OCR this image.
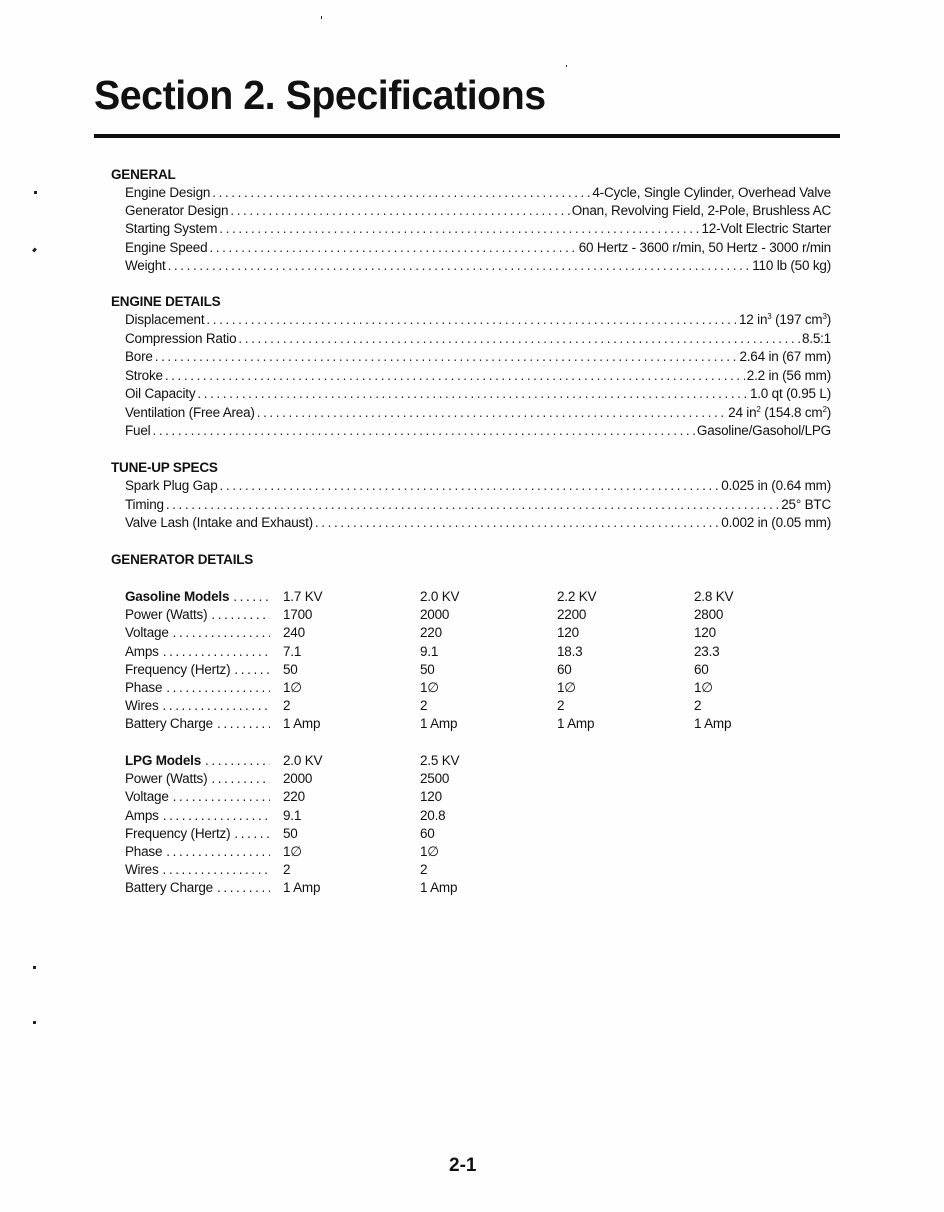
Section 2. Specifications
GENERAL
Engine Design .....	4-Cycle, Single Cylinder, Overhead Valve
Generator Design .....	Onan, Revolving Field, 2-Pole, Brushless AC
Starting System .....	12-Volt Electric Starter
Engine Speed .....	60 Hertz - 3600 r/min, 50 Hertz - 3000 r/min
Weight .....	110 lb (50 kg)
ENGINE DETAILS
Displacement .....	12 $in^3$ (197 $cm^3$)
Compression Ratio .....	8.5:1
Bore .....	2.64 in (67 mm)
Stroke .....	2.2 in (56 mm)
Oil Capacity .....	1.0 qt (0.95 L)
Ventilation (Free Area) .....	24 $in^2$ (154.8 $cm^2$)
Fuel .....	Gasoline/Gasohol/LPG
TUNE-UP SPECS
Spark Plug Gap .....	0.025 in (0.64 mm)
Timing .....	25° BTC
Valve Lash (Intake and Exhaust) .....	0.002 in (0.05 mm)
GENERATOR DETAILS
Gasoline Models .....	1.7 KV	2.0 KV	2.2 KV	2.8 KV
Power (Watts) .....	1700	2000	2200	2800
Voltage .....	240	220	120	120
Amps .....	7.1	9.1	18.3	23.3
Frequency (Hertz) .....	50	50	60	60
Phase .....	1∅	1∅	1∅	1∅
Wires .....	2	2	2	2
Battery Charge .....	1 Amp	1 Amp	1 Amp	1 Amp
LPG Models .....	2.0 KV	2.5 KV
Power (Watts) .....	2000	2500
Voltage .....	220	120
Amps .....	9.1	20.8
Frequency (Hertz) .....	50	60
Phase .....	1∅	1∅
Wires .....	2	2
Battery Charge .....	1 Amp	1 Amp
2-1
